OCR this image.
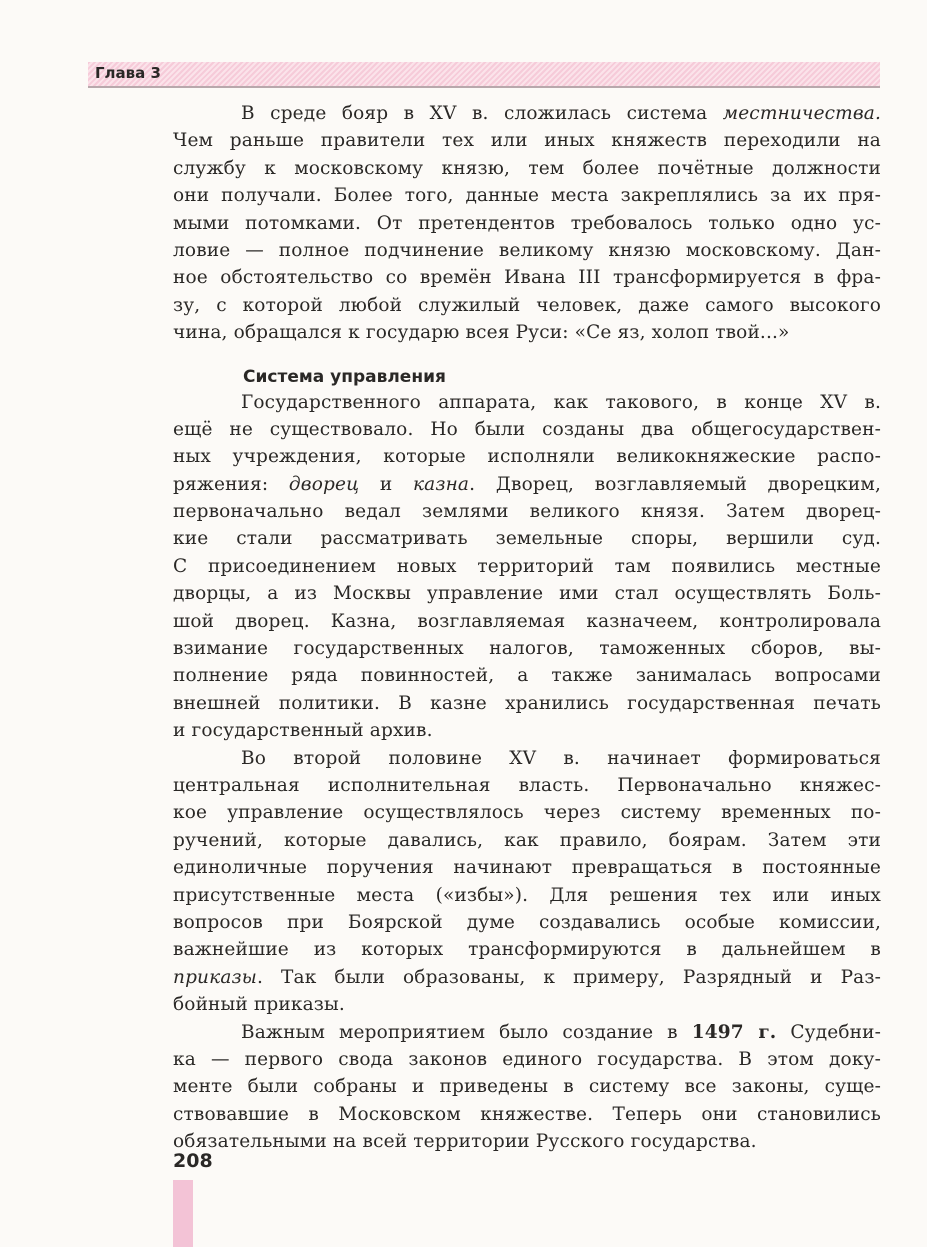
Глава 3
В среде бояр в XV в. сложилась система местничества.
Чем раньше правители тех или иных княжеств переходили на
службу к московскому князю, тем более почётные должности
они получали. Более того, данные места закреплялись за их пря-
мыми потомками. От претендентов требовалось только одно ус-
ловие — полное подчинение великому князю московскому. Дан-
ное обстоятельство со времён Ивана III трансформируется в фра-
зу, с которой любой служилый человек, даже самого высокого
чина, обращался к государю всея Руси: «Се яз, холоп твой...»
Система управления
Государственного аппарата, как такового, в конце XV в.
ещё не существовало. Но были созданы два общегосударствен-
ных учреждения, которые исполняли великокняжеские распо-
ряжения: дворец и казна. Дворец, возглавляемый дворецким,
первоначально ведал землями великого князя. Затем дворец-
кие стали рассматривать земельные споры, вершили суд.
С присоединением новых территорий там появились местные
дворцы, а из Москвы управление ими стал осуществлять Боль-
шой дворец. Казна, возглавляемая казначеем, контролировала
взимание государственных налогов, таможенных сборов, вы-
полнение ряда повинностей, а также занималась вопросами
внешней политики. В казне хранились государственная печать
и государственный архив.
Во второй половине XV в. начинает формироваться
центральная исполнительная власть. Первоначально княжес-
кое управление осуществлялось через систему временных по-
ручений, которые давались, как правило, боярам. Затем эти
единоличные поручения начинают превращаться в постоянные
присутственные места («избы»). Для решения тех или иных
вопросов при Боярской думе создавались особые комиссии,
важнейшие из которых трансформируются в дальнейшем в
приказы. Так были образованы, к примеру, Разрядный и Раз-
бойный приказы.
Важным мероприятием было создание в 1497 г. Судебни-
ка — первого свода законов единого государства. В этом доку-
менте были собраны и приведены в систему все законы, суще-
ствовавшие в Московском княжестве. Теперь они становились
обязательными на всей территории Русского государства.
208
